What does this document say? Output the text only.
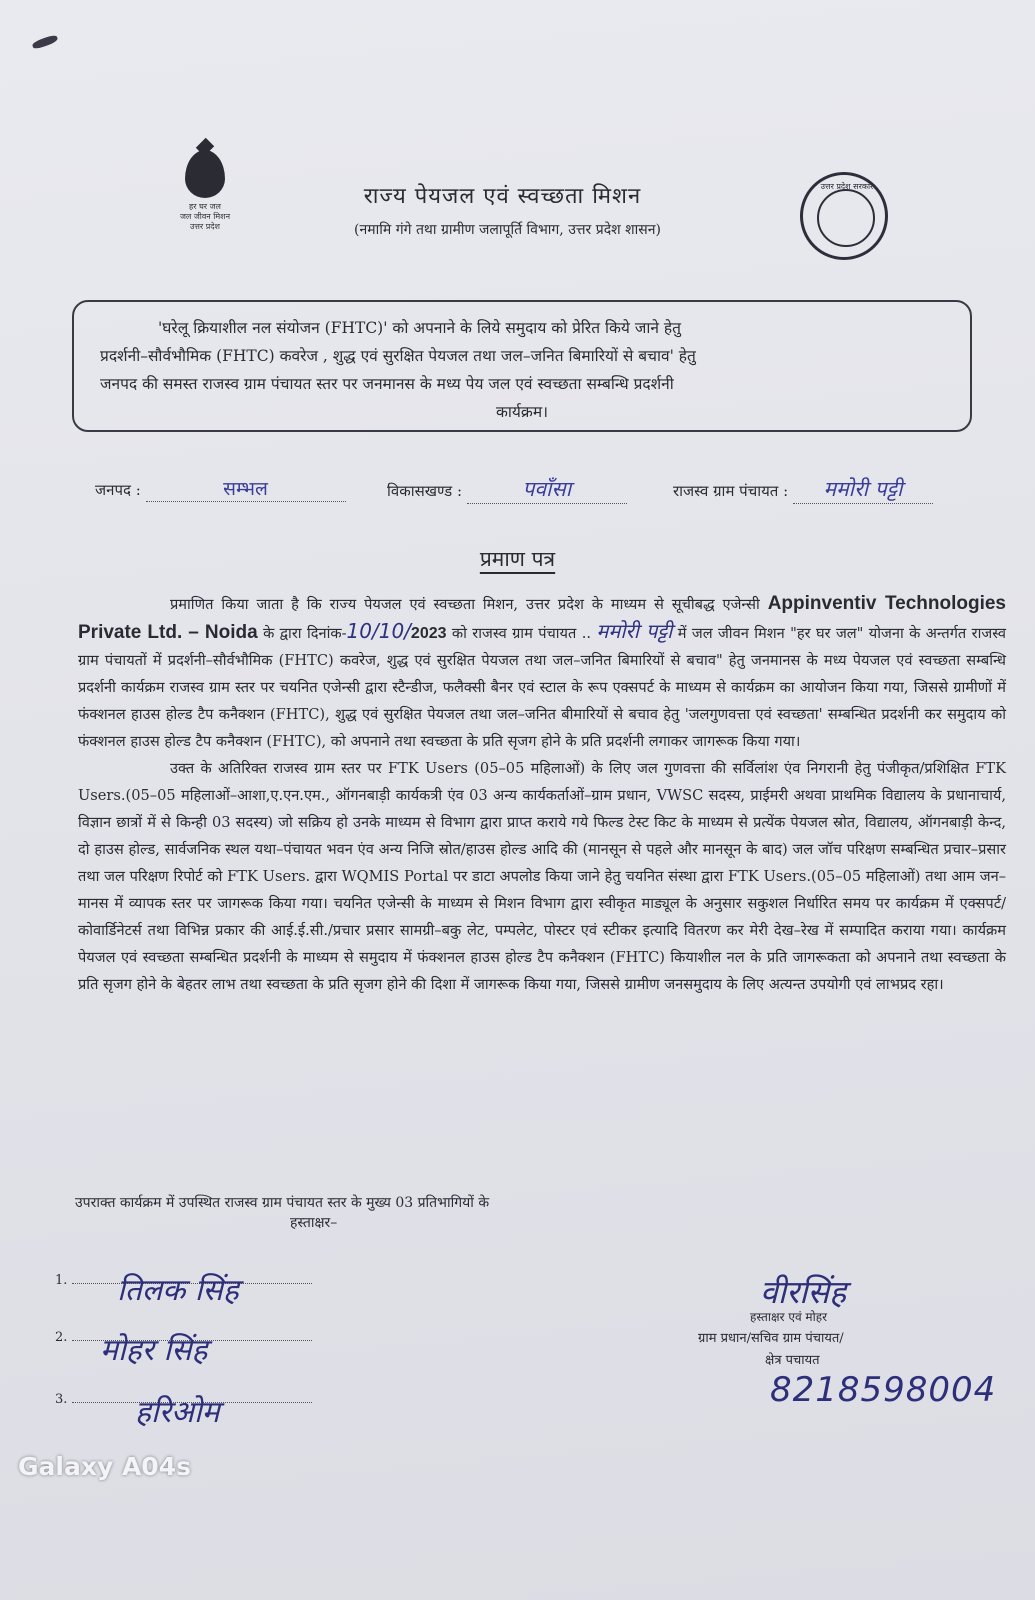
हर घर जल
जल जीवन मिशन
उत्तर प्रदेश
उत्तर प्रदेश सरकार
राज्य पेयजल एवं स्वच्छता मिशन
(नमामि गंगे तथा ग्रामीण जलापूर्ति विभाग, उत्तर प्रदेश शासन)

'घरेलू क्रियाशील नल संयोजन (FHTC)' को अपनाने के लिये समुदाय को प्रेरित किये जाने हेतु

प्रदर्शनी–सौर्वभौमिक (FHTC) कवरेज , शुद्ध एवं सुरक्षित पेयजल तथा जल–जनित बिमारियों से बचाव' हेतु

जनपद की समस्त राजस्व ग्राम पंचायत स्तर पर जनमानस के मध्य पेय जल एवं स्वच्छता सम्बन्धि प्रदर्शनी

कार्यक्रम।

जनपद :	सम्भल	विकासखण्ड :	पवाँसा	राजस्व ग्राम पंचायत : ममोरी पट्टी
प्रमाण पत्र

प्रमाणित किया जाता है कि राज्य पेयजल एवं स्वच्छता मिशन, उत्तर प्रदेश के माध्यम से सूचीबद्ध एजेन्सी Appinventiv Technologies Private Ltd. – Noida के द्वारा दिनांक-10/10/2023 को राजस्व ग्राम पंचायत .. ममोरी पट्टी में जल जीवन मिशन "हर घर जल" योजना के अन्तर्गत राजस्व ग्राम पंचायतों में प्रदर्शनी–सौर्वभौमिक (FHTC) कवरेज, शुद्ध एवं सुरक्षित पेयजल तथा जल–जनित बिमारियों से बचाव" हेतु जनमानस के मध्य पेयजल एवं स्वच्छता सम्बन्धि प्रदर्शनी कार्यक्रम राजस्व ग्राम स्तर पर चयनित एजेन्सी द्वारा स्टैन्डीज, फलैक्सी बैनर एवं स्टाल के रूप एक्सपर्ट के माध्यम से कार्यक्रम का आयोजन किया गया, जिससे ग्रामीणों में फंक्शनल हाउस होल्ड टैप कनैक्शन (FHTC), शुद्ध एवं सुरक्षित पेयजल तथा जल–जनित बीमारियों से बचाव हेतु 'जलगुणवत्ता एवं स्वच्छता' सम्बन्धित प्रदर्शनी कर समुदाय को फंक्शनल हाउस होल्ड टैप कनैक्शन (FHTC), को अपनाने तथा स्वच्छता के प्रति सृजग होने के प्रति प्रदर्शनी लगाकर जागरूक किया गया।

उक्त के अतिरिक्त राजस्व ग्राम स्तर पर FTK Users (05–05 महिलाओं) के लिए जल गुणवत्ता की सर्विलांश एंव निगरानी हेतु पंजीकृत/प्रशिक्षित FTK Users.(05–05 महिलाओं–आशा,ए.एन.एम., ऑगनबाड़ी कार्यकत्री एंव 03 अन्य कार्यकर्ताओं–ग्राम प्रधान, VWSC सदस्य, प्राईमरी अथवा प्राथमिक विद्यालय के प्रधानाचार्य, विज्ञान छात्रों में से किन्ही 03 सदस्य) जो सक्रिय हो उनके माध्यम से विभाग द्वारा प्राप्त कराये गये फिल्ड टेस्ट किट के माध्यम से प्रत्येंक पेयजल स्रोत, विद्यालय, ऑगनबाड़ी केन्द, दो हाउस होल्ड, सार्वजनिक स्थल यथा–पंचायत भवन एंव अन्य निजि स्रोत/हाउस होल्ड आदि की (मानसून से पहले और मानसून के बाद) जल जॉच परिक्षण सम्बन्धित प्रचार–प्रसार तथा जल परिक्षण रिपोर्ट को FTK Users. द्वारा WQMIS Portal पर डाटा अपलोड किया जाने हेतु चयनित संस्था द्वारा FTK Users.(05–05 महिलाओं) तथा आम जन–मानस में व्यापक स्तर पर जागरूक किया गया। चयनित एजेन्सी के माध्यम से मिशन विभाग द्वारा स्वीकृत माड्यूल के अनुसार सकुशल निर्धारित समय पर कार्यक्रम में एक्सपर्ट/कोवार्डिनेटर्स तथा विभिन्न प्रकार की आई.ई.सी./प्रचार प्रसार सामग्री–बकु लेट, पम्पलेट, पोस्टर एवं स्टीकर इत्यादि वितरण कर मेरी देख–रेख में सम्पादित कराया गया। कार्यक्रम पेयजल एवं स्वच्छता सम्बन्धित प्रदर्शनी के माध्यम से समुदाय में फंक्शनल हाउस होल्ड टैप कनैक्शन (FHTC) कियाशील नल के प्रति जागरूकता को अपनाने तथा स्वच्छता के प्रति सृजग होने के बेहतर लाभ तथा स्वच्छता के प्रति सृजग होने की दिशा में जागरूक किया गया, जिससे ग्रामीण जनसमुदाय के लिए अत्यन्त उपयोगी एवं लाभप्रद रहा।

उपराक्त कार्यक्रम में उपस्थित राजस्व ग्राम पंचायत स्तर के मुख्य 03 प्रतिभागियों के
हस्ताक्षर–
1.
2.
3.
तिलक सिंह
मोहर सिंह
हरिओम
वीरसिंह
हस्ताक्षर एवं मोहर
ग्राम प्रधान/सचिव ग्राम पंचायत/
क्षेत्र पचायत
8218598004
Galaxy A04s
